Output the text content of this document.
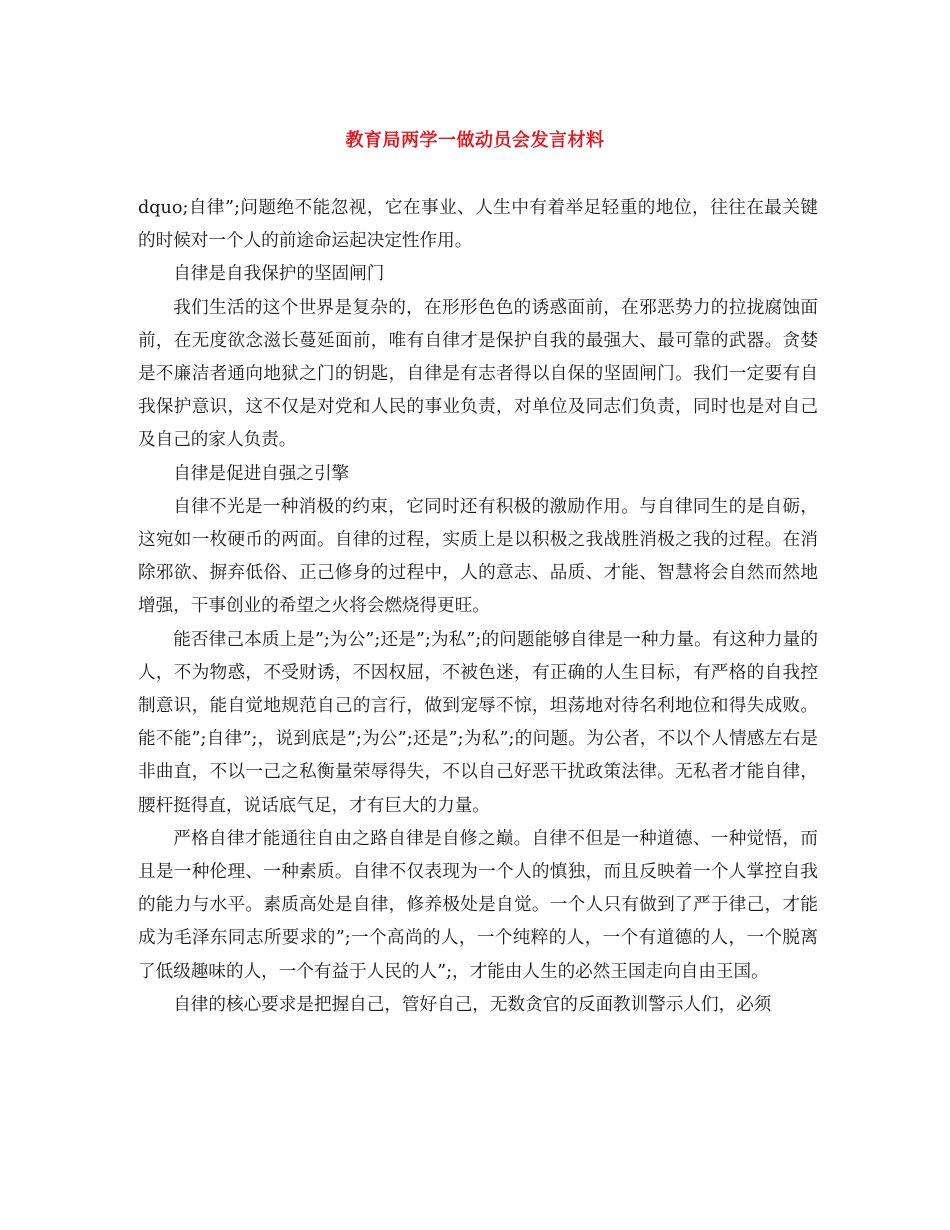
教育局两学一做动员会发言材料

dquo;自律”;问题绝不能忽视，它在事业、人生中有着举足轻重的地位，往往在最关键的时候对一个人的前途命运起决定性作用。

自律是自我保护的坚固闸门

我们生活的这个世界是复杂的，在形形色色的诱惑面前，在邪恶势力的拉拢腐蚀面前，在无度欲念滋长蔓延面前，唯有自律才是保护自我的最强大、最可靠的武器。贪婪是不廉洁者通向地狱之门的钥匙，自律是有志者得以自保的坚固闸门。我们一定要有自我保护意识，这不仅是对党和人民的事业负责，对单位及同志们负责，同时也是对自己及自己的家人负责。

自律是促进自强之引擎

自律不光是一种消极的约束，它同时还有积极的激励作用。与自律同生的是自砺，这宛如一枚硬币的两面。自律的过程，实质上是以积极之我战胜消极之我的过程。在消除邪欲、摒弃低俗、正己修身的过程中，人的意志、品质、才能、智慧将会自然而然地增强，干事创业的希望之火将会燃烧得更旺。

能否律己本质上是”;为公”;还是”;为私”;的问题能够自律是一种力量。有这种力量的人，不为物惑，不受财诱，不因权屈，不被色迷，有正确的人生目标，有严格的自我控制意识，能自觉地规范自己的言行，做到宠辱不惊，坦荡地对待名利地位和得失成败。能不能”;自律”;，说到底是”;为公”;还是”;为私”;的问题。为公者，不以个人情感左右是非曲直，不以一己之私衡量荣辱得失，不以自己好恶干扰政策法律。无私者才能自律，腰杆挺得直，说话底气足，才有巨大的力量。

严格自律才能通往自由之路自律是自修之巅。自律不但是一种道德、一种觉悟，而且是一种伦理、一种素质。自律不仅表现为一个人的慎独，而且反映着一个人掌控自我的能力与水平。素质高处是自律，修养极处是自觉。一个人只有做到了严于律己，才能成为毛泽东同志所要求的”;一个高尚的人，一个纯粹的人，一个有道德的人，一个脱离了低级趣味的人，一个有益于人民的人”;，才能由人生的必然王国走向自由王国。

自律的核心要求是把握自己，管好自己，无数贪官的反面教训警示人们，必须
